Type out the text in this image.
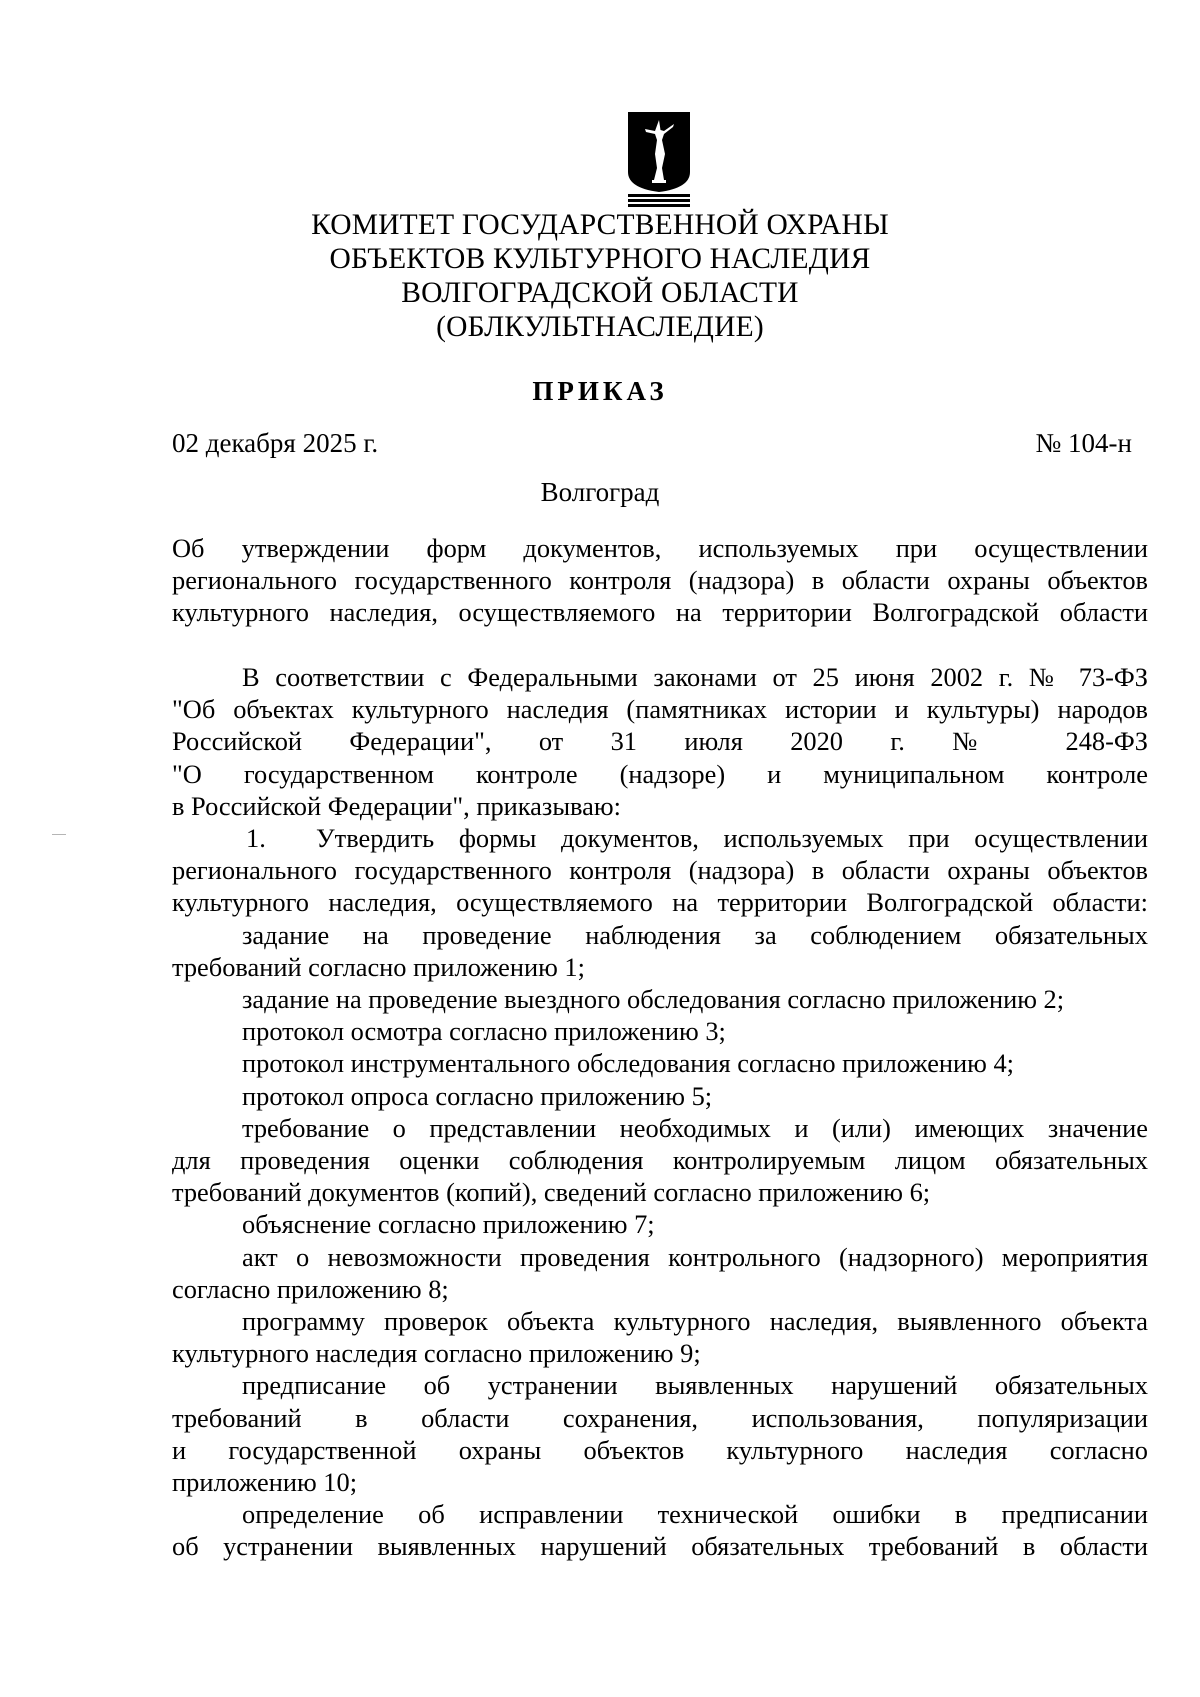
КОМИТЕТ ГОСУДАРСТВЕННОЙ ОХРАНЫ
ОБЪЕКТОВ КУЛЬТУРНОГО НАСЛЕДИЯ
ВОЛГОГРАДСКОЙ ОБЛАСТИ
(ОБЛКУЛЬТНАСЛЕДИЕ)
ПРИКАЗ
02 декабря 2025 г.	№ 104-н
Волгоград
Об утверждении форм документов, используемых при осуществлении
регионального государственного контроля (надзора) в области охраны объектов
культурного наследия, осуществляемого на территории Волгоградской области
В соответствии с Федеральными законами от 25 июня 2002 г. № 73-ФЗ
"Об объектах культурного наследия (памятниках истории и культуры) народов
Российской Федерации", от 31 июля 2020 г. № 248-ФЗ
"О государственном контроле (надзоре) и муниципальном контроле
в Российской Федерации", приказываю:
1.	Утвердить формы документов, используемых при осуществлении
регионального государственного контроля (надзора) в области охраны объектов
культурного наследия, осуществляемого на территории Волгоградской области:
задание на проведение наблюдения за соблюдением обязательных
требований согласно приложению 1;
задание на проведение выездного обследования согласно приложению 2;
протокол осмотра согласно приложению 3;
протокол инструментального обследования согласно приложению 4;
протокол опроса согласно приложению 5;
требование о представлении необходимых и (или) имеющих значение
для проведения оценки соблюдения контролируемым лицом обязательных
требований документов (копий), сведений согласно приложению 6;
объяснение согласно приложению 7;
акт о невозможности проведения контрольного (надзорного) мероприятия
согласно приложению 8;
программу проверок объекта культурного наследия, выявленного объекта
культурного наследия согласно приложению 9;
предписание об устранении выявленных нарушений обязательных
требований в области сохранения, использования, популяризации
и государственной охраны объектов культурного наследия согласно
приложению 10;
определение об исправлении технической ошибки в предписании
об устранении выявленных нарушений обязательных требований в области
